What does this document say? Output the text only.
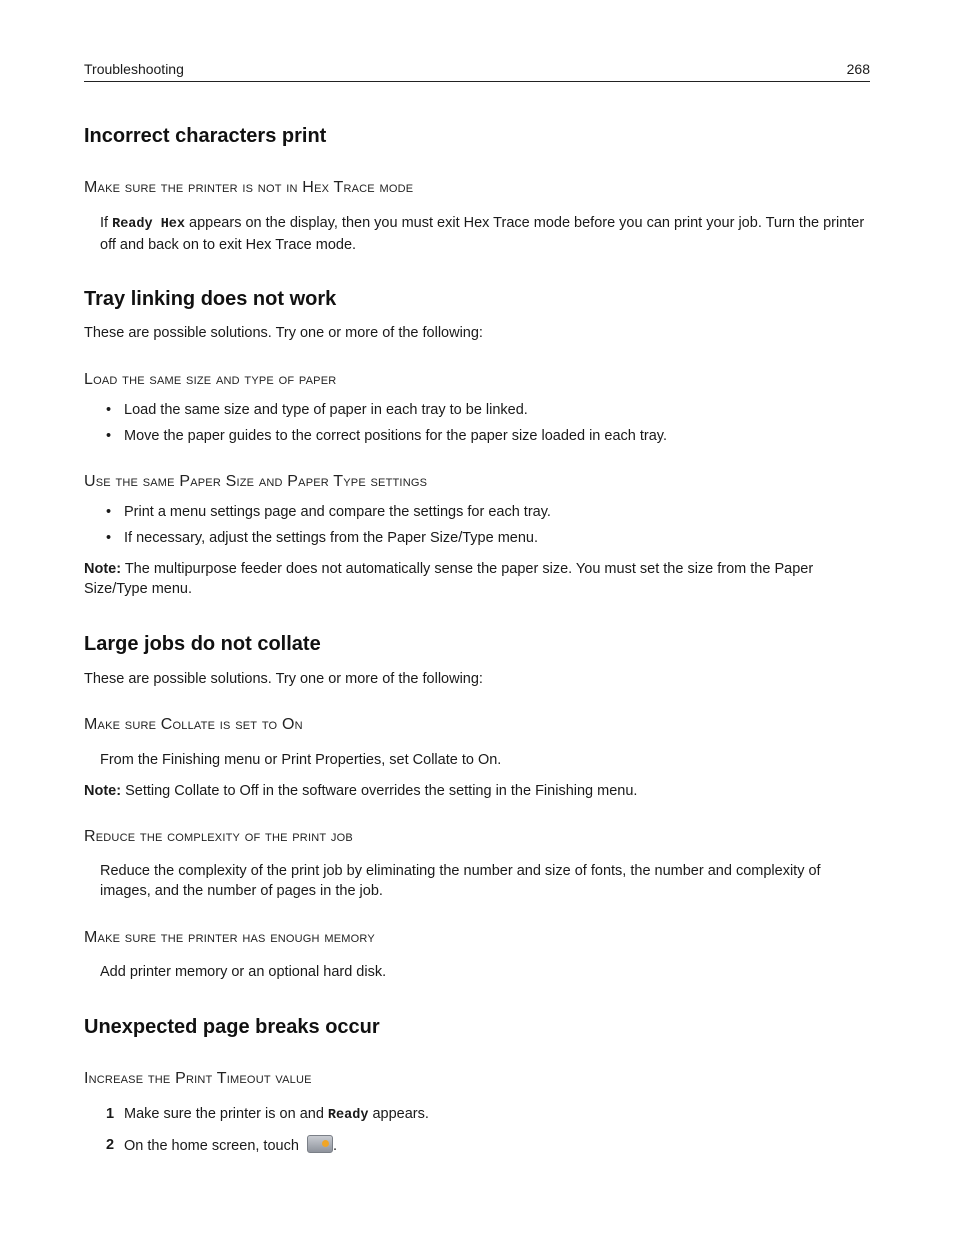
Troubleshooting	268
Incorrect characters print
Make sure the printer is not in Hex Trace mode
If Ready Hex appears on the display, then you must exit Hex Trace mode before you can print your job. Turn the printer off and back on to exit Hex Trace mode.
Tray linking does not work
These are possible solutions. Try one or more of the following:
Load the same size and type of paper
• Load the same size and type of paper in each tray to be linked.
• Move the paper guides to the correct positions for the paper size loaded in each tray.
Use the same Paper Size and Paper Type settings
• Print a menu settings page and compare the settings for each tray.
• If necessary, adjust the settings from the Paper Size/Type menu.
Note: The multipurpose feeder does not automatically sense the paper size. You must set the size from the Paper Size/Type menu.
Large jobs do not collate
These are possible solutions. Try one or more of the following:
Make sure Collate is set to On
From the Finishing menu or Print Properties, set Collate to On.
Note: Setting Collate to Off in the software overrides the setting in the Finishing menu.
Reduce the complexity of the print job
Reduce the complexity of the print job by eliminating the number and size of fonts, the number and complexity of images, and the number of pages in the job.
Make sure the printer has enough memory
Add printer memory or an optional hard disk.
Unexpected page breaks occur
Increase the Print Timeout value
1 Make sure the printer is on and Ready appears.
2 On the home screen, touch .
